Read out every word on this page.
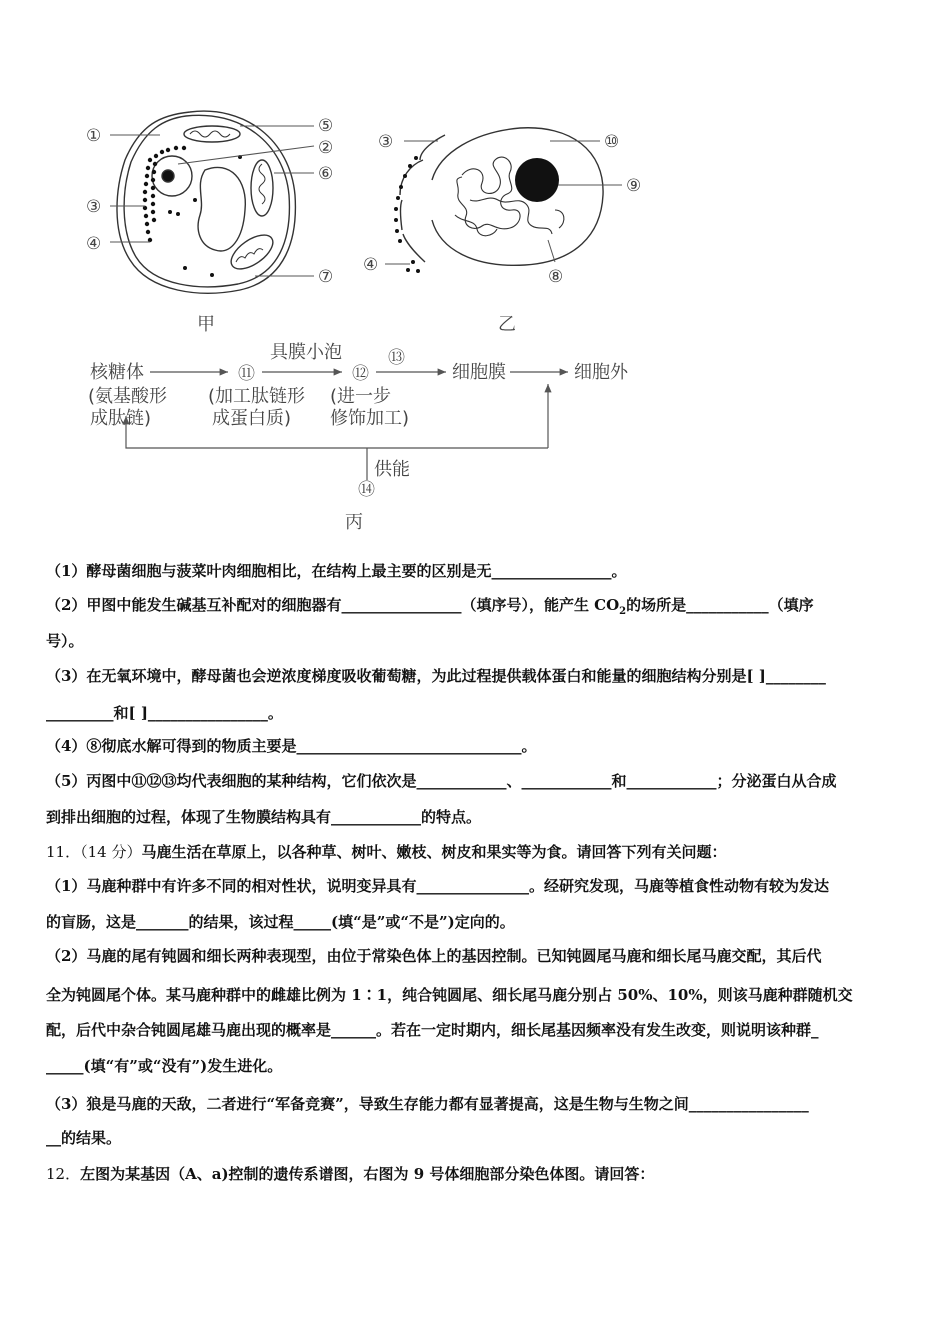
①	⑤
②
⑥
③
④
⑦
甲
③	⑩
⑨
④
⑧
乙
核糖体
(氨基酸形
成肽链)
⑪
(加工肽链形
成蛋白质)
具膜小泡
⑫
(进一步
修饰加工)
⑬
细胞膜	细胞外
供能
⑭
丙
（1）酵母菌细胞与菠菜叶肉细胞相比，在结构上最主要的区别是无________________。
（2）甲图中能发生碱基互补配对的细胞器有________________（填序号），能产生 $CO_2$的场所是___________（填序
号）。
（3）在无氧环境中，酵母菌也会逆浓度梯度吸收葡萄糖，为此过程提供载体蛋白和能量的细胞结构分别是[ ]________
_________和[ ]________________。
（4）⑧彻底水解可得到的物质主要是______________________________。
（5）丙图中⑪⑫⑬均代表细胞的某种结构，它们依次是____________、____________和____________；分泌蛋白从合成
到排出细胞的过程，体现了生物膜结构具有____________的特点。
11．（14 分）马鹿生活在草原上，以各种草、树叶、嫩枝、树皮和果实等为食。请回答下列有关问题：
（1）马鹿种群中有许多不同的相对性状，说明变异具有_______________。经研究发现，马鹿等植食性动物有较为发达
的盲肠，这是_______的结果，该过程_____(填“是”或“不是”)定向的。
（2）马鹿的尾有钝圆和细长两种表现型，由位于常染色体上的基因控制。已知钝圆尾马鹿和细长尾马鹿交配，其后代
全为钝圆尾个体。某马鹿种群中的雌雄比例为 1∶1，纯合钝圆尾、细长尾马鹿分别占 50%、10%，则该马鹿种群随机交
配，后代中杂合钝圆尾雄马鹿出现的概率是______。若在一定时期内，细长尾基因频率没有发生改变，则说明该种群_
_____(填“有”或“没有”)发生进化。
（3）狼是马鹿的天敌，二者进行“军备竞赛”，导致生存能力都有显著提高，这是生物与生物之间________________
__的结果。
12．左图为某基因（A、a)控制的遗传系谱图，右图为 9 号体细胞部分染色体图。请回答：
